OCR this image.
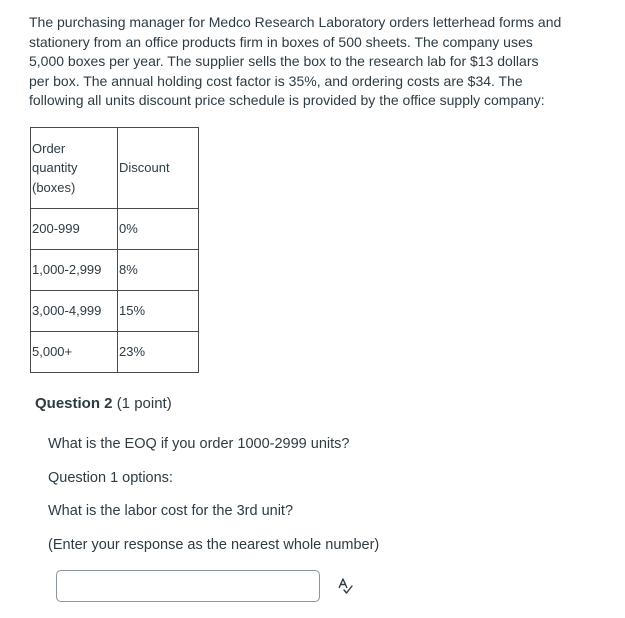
The purchasing manager for Medco Research Laboratory orders letterhead forms and
stationery from an office products firm in boxes of 500 sheets. The company uses
5,000 boxes per year. The supplier sells the box to the research lab for $13 dollars
per box. The annual holding cost factor is 35%, and ordering costs are $34. The
following all units discount price schedule is provided by the office supply company:
Order
quantity
(boxes)	Discount
200-999	0%
1,000-2,999	8%
3,000-4,999	15%
5,000+	23%
Question 2 (1 point)
What is the EOQ if you order 1000-2999 units?
Question 1 options:
What is the labor cost for the 3rd unit?
(Enter your response as the nearest whole number)
